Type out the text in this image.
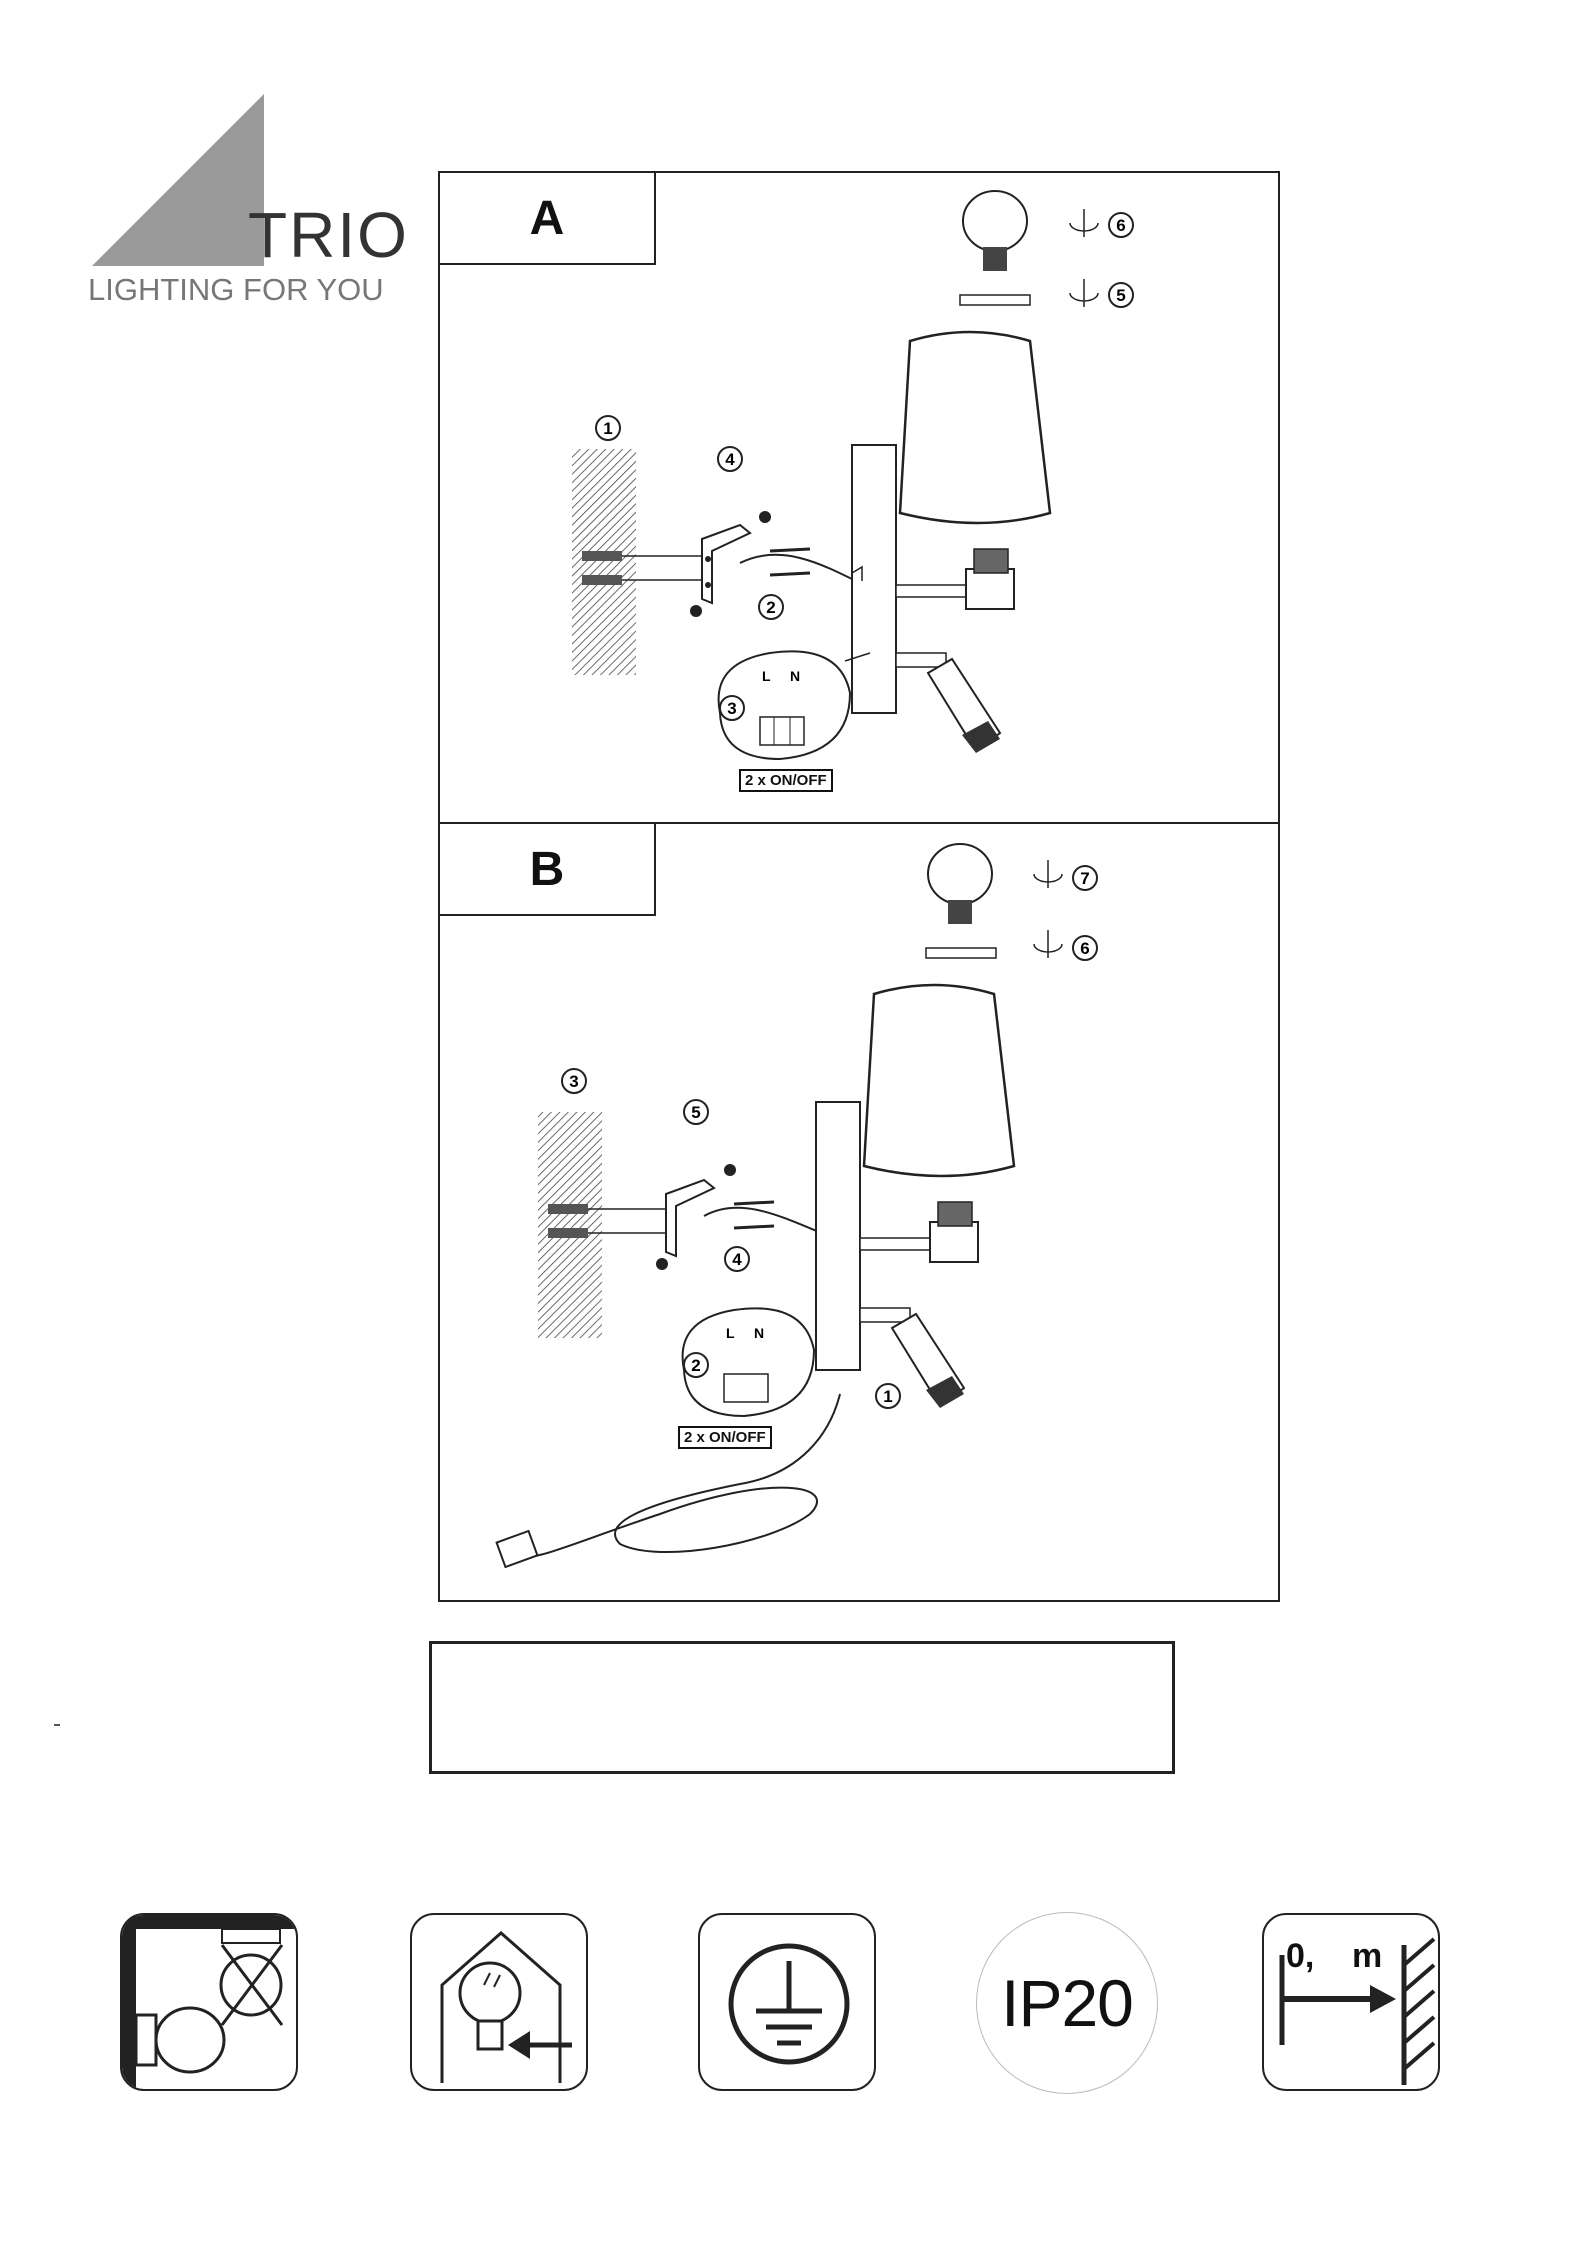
TRIO
LIGHTING FOR YOU
1
2
3
4
5
6
L N
A
2 x ON/OFF
1
2
3
4
5
6
7
L N
B
2 x ON/OFF
IP20
0, m
